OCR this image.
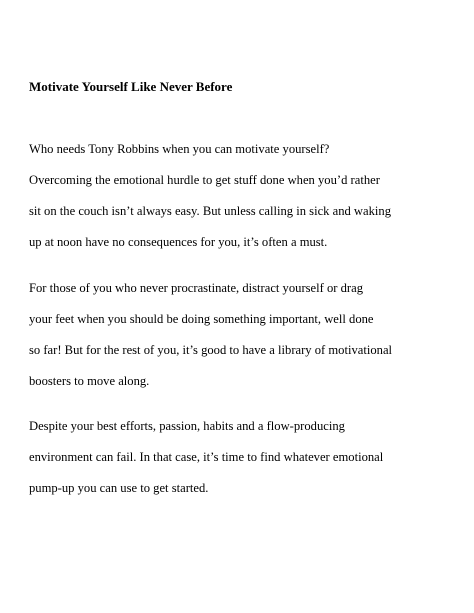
Motivate Yourself Like Never Before
Who needs Tony Robbins when you can motivate yourself?
Overcoming the emotional hurdle to get stuff done when you’d rather
sit on the couch isn’t always easy. But unless calling in sick and waking
up at noon have no consequences for you, it’s often a must.
For those of you who never procrastinate, distract yourself or drag
your feet when you should be doing something important, well done
so far! But for the rest of you, it’s good to have a library of motivational
boosters to move along.
Despite your best efforts, passion, habits and a flow-producing
environment can fail. In that case, it’s time to find whatever emotional
pump-up you can use to get started.
